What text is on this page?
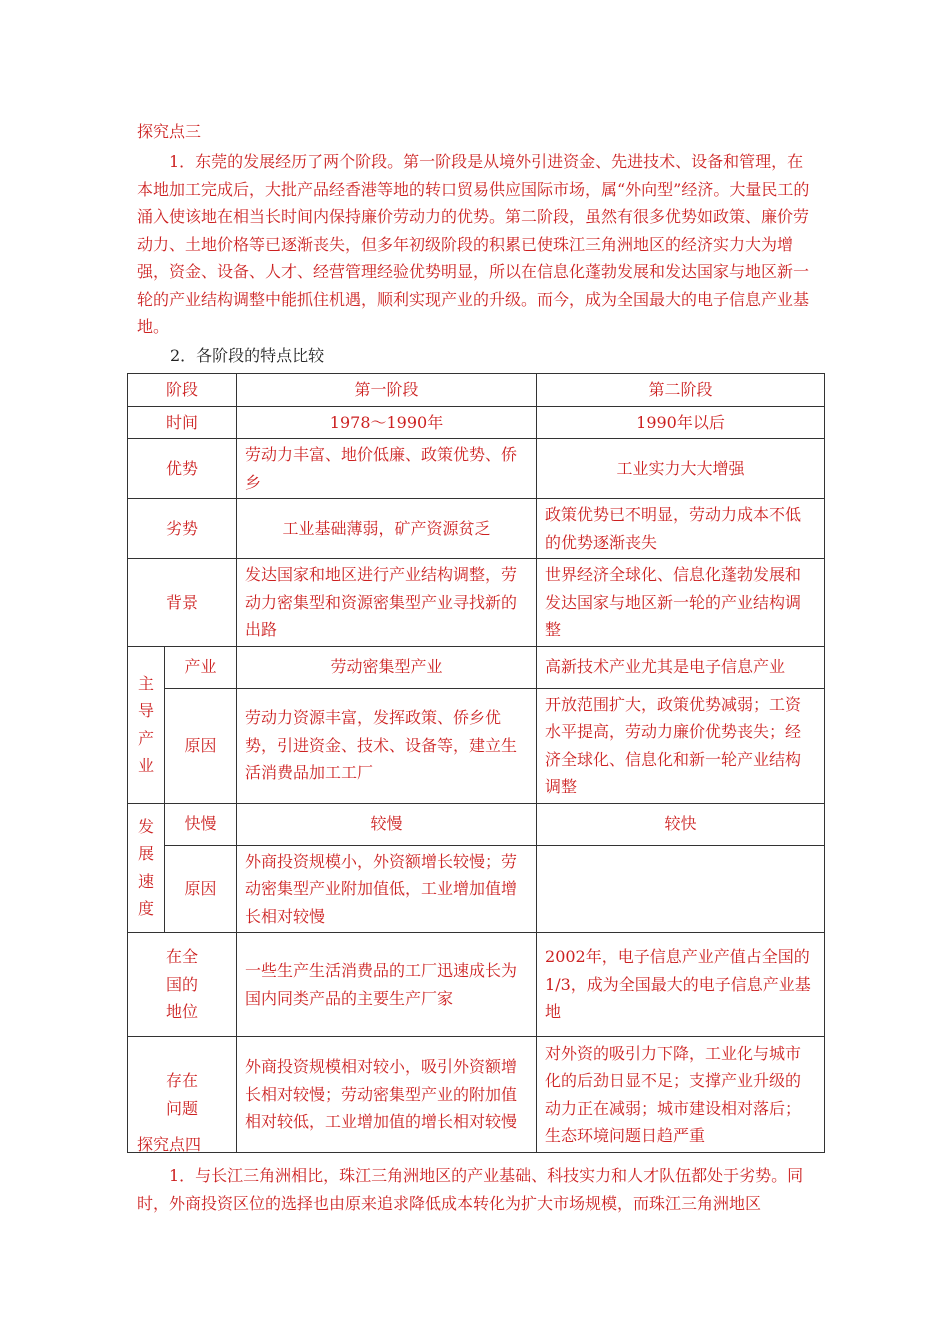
探究点三

1．东莞的发展经历了两个阶段。第一阶段是从境外引进资金、先进技术、设备和管理，在本地加工完成后，大批产品经香港等地的转口贸易供应国际市场，属“外向型”经济。大量民工的涌入使该地在相当长时间内保持廉价劳动力的优势。第二阶段，虽然有很多优势如政策、廉价劳动力、土地价格等已逐渐丧失，但多年初级阶段的积累已使珠江三角洲地区的经济实力大为增强，资金、设备、人才、经营管理经验优势明显，所以在信息化蓬勃发展和发达国家与地区新一轮的产业结构调整中能抓住机遇，顺利实现产业的升级。而今，成为全国最大的电子信息产业基地。

2．各阶段的特点比较
阶段		第一阶段	第二阶段
时间		1978～1990年	1990年以后
优势		劳动力丰富、地价低廉、政策优势、侨乡	工业实力大大增强
劣势		工业基础薄弱，矿产资源贫乏	政策优势已不明显，劳动力成本不低的优势逐渐丧失
背景		发达国家和地区进行产业结构调整，劳动力密集型和资源密集型产业寻找新的出路	世界经济全球化、信息化蓬勃发展和发达国家与地区新一轮的产业结构调整

主导产业	产业	劳动密集型产业	高新技术产业尤其是电子信息产业
	原因	劳动力资源丰富，发挥政策、侨乡优势，引进资金、技术、设备等，建立生活消费品加工工厂	开放范围扩大，政策优势减弱；工资水平提高，劳动力廉价优势丧失；经济全球化、信息化和新一轮产业结构调整

发展速度	快慢	较慢	较快
	原因	外商投资规模小，外资额增长较慢；劳动密集型产业附加值低，工业增加值增长相对较慢	

在全国的地位		一些生产生活消费品的工厂迅速成长为国内同类产品的主要生产厂家	2002年，电子信息产业产值占全国的1/3，成为全国最大的电子信息产业基地

存在问题		外商投资规模相对较小，吸引外资额增长相对较慢；劳动密集型产业的附加值相对较低，工业增加值的增长相对较慢	对外资的吸引力下降，工业化与城市化的后劲日显不足；支撑产业升级的动力正在减弱；城市建设相对落后；生态环境问题日趋严重
探究点四

1．与长江三角洲相比，珠江三角洲地区的产业基础、科技实力和人才队伍都处于劣势。同时，外商投资区位的选择也由原来追求降低成本转化为扩大市场规模，而珠江三角洲地区
